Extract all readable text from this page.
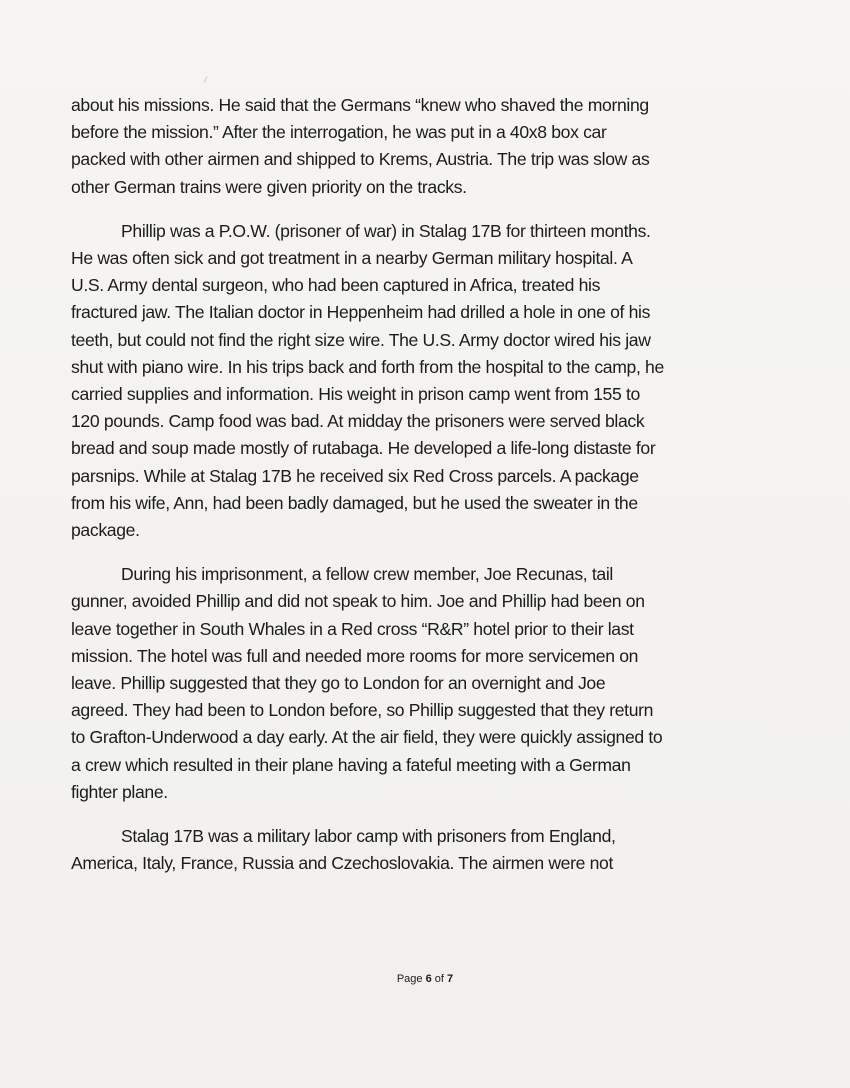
about his missions. He said that the Germans “knew who shaved the morning
before the mission.” After the interrogation, he was put in a 40x8 box car
packed with other airmen and shipped to Krems, Austria. The trip was slow as
other German trains were given priority on the tracks.
Phillip was a P.O.W. (prisoner of war) in Stalag 17B for thirteen months.
He was often sick and got treatment in a nearby German military hospital. A
U.S. Army dental surgeon, who had been captured in Africa, treated his
fractured jaw. The Italian doctor in Heppenheim had drilled a hole in one of his
teeth, but could not find the right size wire. The U.S. Army doctor wired his jaw
shut with piano wire. In his trips back and forth from the hospital to the camp, he
carried supplies and information. His weight in prison camp went from 155 to
120 pounds. Camp food was bad. At midday the prisoners were served black
bread and soup made mostly of rutabaga. He developed a life-long distaste for
parsnips. While at Stalag 17B he received six Red Cross parcels. A package
from his wife, Ann, had been badly damaged, but he used the sweater in the
package.
During his imprisonment, a fellow crew member, Joe Recunas, tail
gunner, avoided Phillip and did not speak to him. Joe and Phillip had been on
leave together in South Whales in a Red cross “R&R” hotel prior to their last
mission. The hotel was full and needed more rooms for more servicemen on
leave. Phillip suggested that they go to London for an overnight and Joe
agreed. They had been to London before, so Phillip suggested that they return
to Grafton-Underwood a day early. At the air field, they were quickly assigned to
a crew which resulted in their plane having a fateful meeting with a German
fighter plane.
Stalag 17B was a military labor camp with prisoners from England,
America, Italy, France, Russia and Czechoslovakia. The airmen were not
Page 6 of 7
